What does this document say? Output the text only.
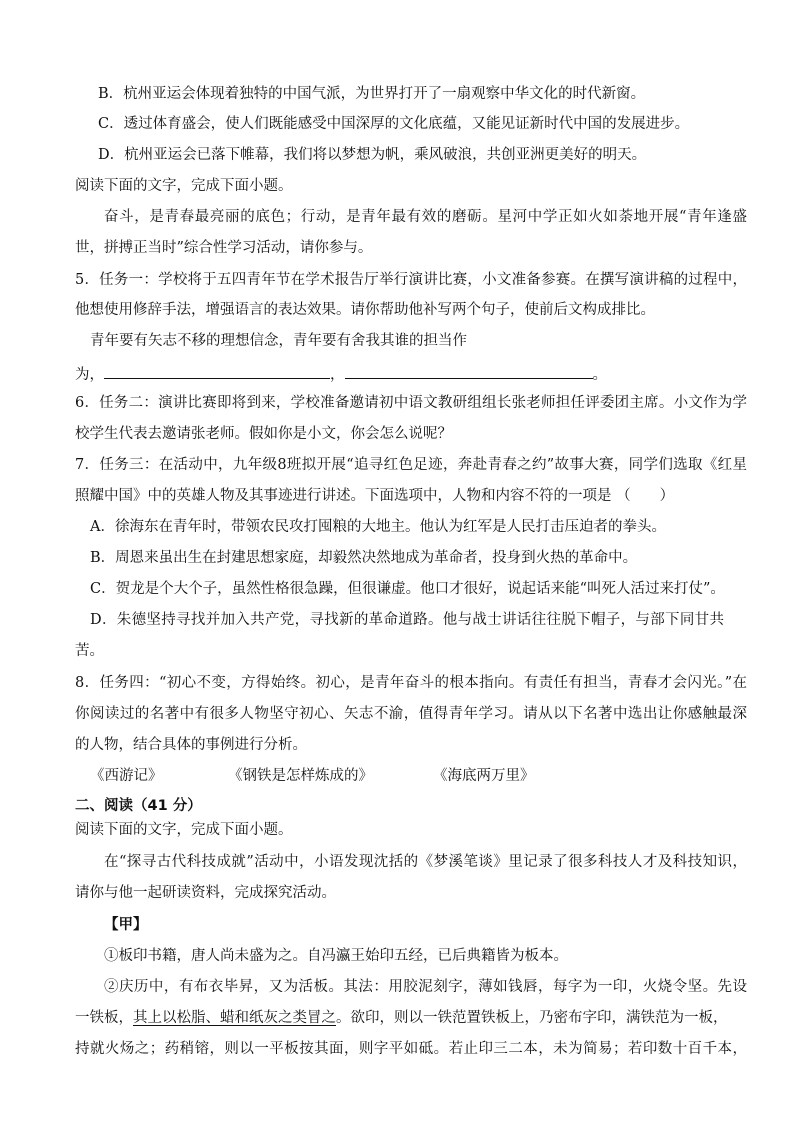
B．杭州亚运会体现着独特的中国气派，为世界打开了一扇观察中华文化的时代新窗。
C．透过体育盛会，使人们既能感受中国深厚的文化底蕴，又能见证新时代中国的发展进步。
D．杭州亚运会已落下帷幕，我们将以梦想为帆，乘风破浪，共创亚洲更美好的明天。
阅读下面的文字，完成下面小题。
奋斗，是青春最亮丽的底色；行动，是青年最有效的磨砺。星河中学正如火如荼地开展“青年逢盛
世，拼搏正当时”综合性学习活动，请你参与。
5．任务一：学校将于五四青年节在学术报告厅举行演讲比赛，小文准备参赛。在撰写演讲稿的过程中，
他想使用修辞手法，增强语言的表达效果。请你帮助他补写两个句子，使前后文构成排比。
青年要有矢志不移的理想信念，青年要有舍我其谁的担当作
为，	，	。
6．任务二：演讲比赛即将到来，学校准备邀请初中语文教研组组长张老师担任评委团主席。小文作为学
校学生代表去邀请张老师。假如你是小文，你会怎么说呢？
7．任务三：在活动中，九年级8班拟开展“追寻红色足迹，奔赴青春之约”故事大赛，同学们选取《红星
照耀中国》中的英雄人物及其事迹进行讲述。下面选项中，人物和内容不符的一项是 （　　）
A．徐海东在青年时，带领农民攻打囤粮的大地主。他认为红军是人民打击压迫者的拳头。
B．周恩来虽出生在封建思想家庭，却毅然决然地成为革命者，投身到火热的革命中。
C．贺龙是个大个子，虽然性格很急躁，但很谦虚。他口才很好，说起话来能“叫死人活过来打仗”。
D．朱德坚持寻找并加入共产党，寻找新的革命道路。他与战士讲话往往脱下帽子，与部下同甘共
苦。
8．任务四：“初心不变，方得始终。初心，是青年奋斗的根本指向。有责任有担当，青春才会闪光。”在
你阅读过的名著中有很多人物坚守初心、矢志不渝，值得青年学习。请从以下名著中选出让你感触最深
的人物，结合具体的事例进行分析。
《西游记》	《钢铁是怎样炼成的》	《海底两万里》
二、阅读（41 分）
阅读下面的文字，完成下面小题。
在“探寻古代科技成就”活动中，小语发现沈括的《梦溪笔谈》里记录了很多科技人才及科技知识，
请你与他一起研读资料，完成探究活动。
【甲】
①板印书籍，唐人尚未盛为之。自冯瀛王始印五经，已后典籍皆为板本。
②庆历中，有布衣毕昇，又为活板。其法：用胶泥刻字，薄如钱唇，每字为一印，火烧令坚。先设
一铁板，其上以松脂、蜡和纸灰之类冒之。欲印，则以一铁范置铁板上，乃密布字印，满铁范为一板，
持就火炀之；药稍镕，则以一平板按其面，则字平如砥。若止印三二本，未为简易；若印数十百千本，
